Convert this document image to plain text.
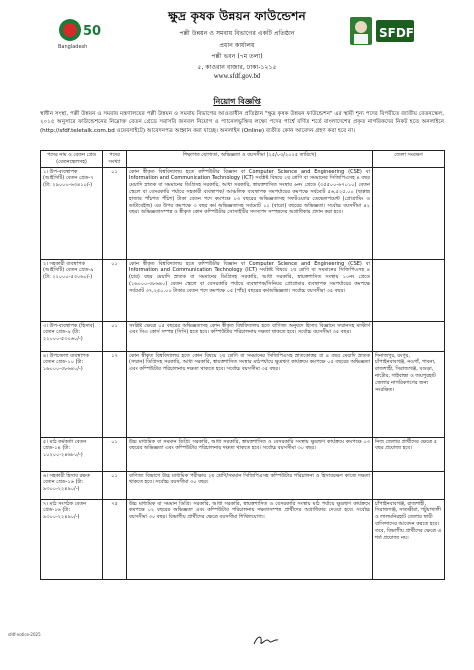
50
Bangladesh
SFDF
ক্ষুদ্র কৃষক উন্নয়ন ফাউন্ডেশন
পল্লী উন্নয়ন ও সমবায় বিভাগের একটি প্রতিষ্ঠান
প্রধান কার্যালয়
পল্লী ভবন (৭ম তলা)
৫, কাওরান বাজার, ঢাকা-১২১৫
www.sfdf.gov.bd
নিয়োগ বিজ্ঞপ্তি
স্বাধীন সংস্থা, পল্লী উন্নয়ন ও সমবায় মন্ত্রণালয়ের পল্লী উন্নয়ন ও সমবায় বিভাগের আওতাধীন প্রতিষ্ঠান "ক্ষুদ্র কৃষক উন্নয়ন ফাউন্ডেশন" এর স্থায়ী শূন্য পদের বিপরীতে জাতীয় বেতনস্কেল, ২০১৫ অনুসারে ফাউন্ডেশনের নিম্নোক্ত বেতন গ্রেডে সরাসরি জনবল নিয়োগ ও প্যানেলভুক্তির লক্ষ্যে পদের পার্শ্বে বর্ণিত শর্তে বাংলাদেশের প্রকৃত নাগরিকদের নিকট হতে অনলাইনে (http://sfdf.teletalk.com.bd ওয়েবসাইটে) আবেদনপত্র আহ্বান করা যাচ্ছে। অনলাইন (Online) ব্যতীত কোন আবেদন গ্রহণ করা হবে না।
পদের নাম ও বেতন গ্রেড (বেতনস্কেলসহ)	পদের সংখ্যা	শিক্ষাগত যোগ্যতা, অভিজ্ঞতা ও বয়সসীমা (২৫/০৩/২০২৫ তারিখে)	জেলা সংরক্ষণ
১। উপ-ব্যবস্থাপক (আইসিটি) বেতন গ্রেড-৭ (টা: ২৯০০০-৬৩৪১০/-)	০১	কোন স্বীকৃত বিশ্ববিদ্যালয় হতে কম্পিউটার বিজ্ঞান বা Computer Science and Engineering (CSE) বা Information and Communication Technology (ICT) সংশ্লিষ্ট বিষয়ে ২য় শ্রেণি বা সমমানের সিজিপিএসহ ৪ বছর মেয়াদি স্নাতক বা সমমানের ডিগ্রিসহ সরকারি, আধা সরকারি, স্বায়ত্তশাসিত সংস্থায় ৬নং গ্রেডে (৩৫৫০০-৬৭০১০) বেতন স্কেলে বা বেসরকারি পর্যায়ে সহকারী ব্যবস্থাপক/ আঞ্চলিক ব্যবস্থাপক সমপর্যায়ের কমপক্ষে সর্বমোট ৫৬,৫২৫.০০ (ছাপ্পান্ন হাজার পাঁচশত পঁচিশ) টাকা বেতন পদে কমপক্ষে ০৩ বছরের অভিজ্ঞতাসহ সফটওয়্যার ডেভেলপমেন্ট (প্রোগ্রামিং ও ডাটাবেইজ) এর উপর কমপক্ষে ৩ বছর কর্ম অভিজ্ঞতাসহ সর্বমোট ১২ (বারো) বছরের অভিজ্ঞতা। সর্বোচ্চ বয়সসীমা ৪২ বছর। অভিজ্ঞতাসম্পন্ন ও স্বীকৃত কোন কম্পিউটার সোসাইটির সদস্যপদ সম্পন্নদের অগ্রাধিকার প্রদান করা হবে।	
২। সহকারী ব্যবস্থাপক (আইসিটি) বেতন গ্রেড-৯ (টা: ২২০০০-৫৩০৬০/-)	০১	কোন স্বীকৃত বিশ্ববিদ্যালয় হতে কম্পিউটার বিজ্ঞান বা Computer Science and Engineering (CSE) বা Information and Communication Technology (ICT) সংশ্লিষ্ট বিষয়ে ২য় শ্রেণি বা সমমানের সিজিপিএসহ ৪ (চার) বছর মেয়াদি স্নাতক বা সমমানের ডিগ্রিসহ সরকারি, আধা সরকারি, স্বায়ত্তশাসিত সংস্থায় ১০নং গ্রেডে (১৬০০০-৩৮৬৪০) বেতন স্কেলে বা বেসরকারি পর্যায়ে ব্যবস্থাপক/সিনিয়র প্রোগ্রামার ব্যবস্থাপক সমপর্যায়ের কমপক্ষে সর্বমোট ৩৭,২৫০.০০ টাকার বেতন পদে কমপক্ষে ০৫ (পাঁচ) বছরের কর্মঅভিজ্ঞতা। সর্বোচ্চ বয়সসীমা ৩৫ বছর।	
৩। উপ-ব্যবস্থাপক (হিসাব) বেতন গ্রেড-৯ (টা: ২২০০০-৫৩০৬০/-)	০১	সংশ্লিষ্ট ক্ষেত্রে ০৫ বছরের অভিজ্ঞতাসহ কোন স্বীকৃত বিশ্ববিদ্যালয় হতে বাণিজ্য অনুষদে হিসাব বিজ্ঞানে সম্মানসহ মাস্টার্স এবং সিএ কোর্স সম্পন্ন (সিসি) হতে হবে। কম্পিউটার পরিচালনায় দক্ষতা থাকতে হবে। সর্বোচ্চ বয়সসীমা ৩৫ বছর।	
৪। উপজেলা ব্যবস্থাপক বেতন গ্রেড-১০ (টা: ১৬০০০-৩৮৬৪০/-)	১৭	কোন স্বীকৃত বিশ্ববিদ্যালয় হতে কোন বিষয়ে ২য় শ্রেণি বা সমমানের সিজিপিএসহ স্নাতকোত্তর বা ৪ বছর মেয়াদি স্নাতক (সম্মান) ডিগ্রিসহ সরকারি, আধা সরকারি, স্বায়ত্তশাসিত সংস্থার মাঠপর্যায়ে ক্ষুদ্রঋণ কার্যক্রমে কমপক্ষে ০৫ বছরের অভিজ্ঞতা এবং কম্পিউটার পরিচালনায় দক্ষতা থাকতে হবে। সর্বোচ্চ বয়সসীমা ৩৫ বছর।	দিনাজপুর, রংপুর, চাঁপাইনবাবগঞ্জ, নওগাঁ, পাবনা, রাজশাহী, সিরাজগঞ্জ, বগুড়া, নাটোর, গাইবান্ধা ও জয়পুরহাট জেলার নাগরিকগণের জন্য সংরক্ষিত।
৫। মাঠ কর্মকর্তা বেতন গ্রেড-১৪ (টা: ১০২০০-২৪৬৮০/-)	০১	উচ্চ মাধ্যমিক বা সমমান ডিগ্রি। সরকারি, আধা সরকারি, স্বায়ত্তশাসিত ও বেসরকারি সংস্থায় ক্ষুদ্রঋণ কার্যক্রমে কমপক্ষে ০৩ বছরের অভিজ্ঞতা এবং কম্পিউটার পরিচালনায় দক্ষতা থাকতে হবে। সর্বোচ্চ বয়সসীমা ৩০ বছর।	নিজ জেলার প্রার্থীদের ক্ষেত্রে ৫ বছর প্রযোজ্য হবে।
৬। সহকারী হিসাব রক্ষক বেতন গ্রেড-১৬ (টা: ৯৩০০-২২৪৯০/-)	০১	বাণিজ্য বিভাগে উচ্চ মাধ্যমিক পরীক্ষায় ২য় শ্রেণি/সমমান সিজিপিএসহ কম্পিউটার পরিচালনা ও হিসাবরক্ষণ কাজে দক্ষতা থাকতে হবে। সর্বোচ্চ বয়সসীমা ৩০ বছর।	
৭। মাঠ সংগঠক বেতন গ্রেড-১৬ (টা: ৯৩০০-২২৪৯০/-)	৭৫	উচ্চ মাধ্যমিক বা সমমান ডিগ্রি। সরকারি, আধা সরকারি, স্বায়ত্তশাসিত ও বেসরকারি সংস্থায় মাঠ পর্যায়ে ক্ষুদ্রঋণ কার্যক্রমে কমপক্ষে ০২ বছরের অভিজ্ঞতা এবং কম্পিউটার পরিচালনায় দক্ষতাসম্পন্ন প্রার্থীদের অগ্রাধিকার দেওয়া হবে। সর্বোচ্চ বয়সসীমা ৩০ বছর। বিভাগীয় প্রার্থীদের ক্ষেত্রে বয়সসীমা শিথিলযোগ্য।	চাঁপাইনবাবগঞ্জ, রাজশাহী, সিরাজগঞ্জ, সাতক্ষীরা, পটুয়াখালী ও লালমনিরহাট জেলার স্থায়ী বাসিন্দাদের আবেদন করতে হবে। তবে, বিভাগীয় প্রার্থীদের ক্ষেত্রে এ শর্ত প্রযোজ্য নয়।
sfdf-notice-2025
